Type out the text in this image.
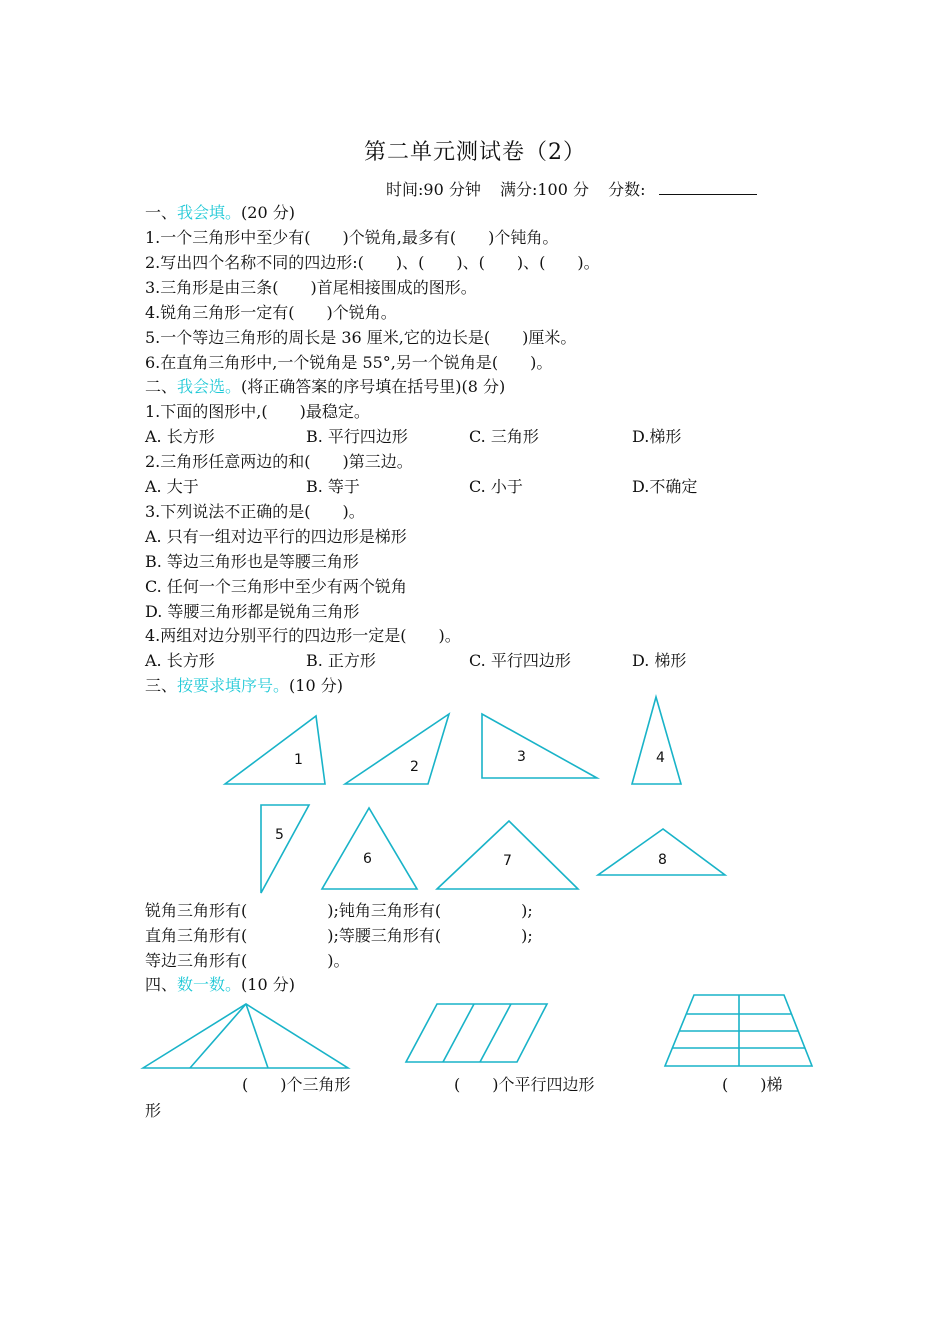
第二单元测试卷（2）
时间:90 分钟 满分:100 分 分数:
一、我会填。(20 分)
1.一个三角形中至少有(　　)个锐角,最多有(　　)个钝角。
2.写出四个名称不同的四边形:(　　)、(　　)、(　　)、(　　)。
3.三角形是由三条(　　)首尾相接围成的图形。
4.锐角三角形一定有(　　)个锐角。
5.一个等边三角形的周长是 36 厘米,它的边长是(　　)厘米。
6.在直角三角形中,一个锐角是 55°,另一个锐角是(　　)。
二、我会选。(将正确答案的序号填在括号里)(8 分)
1.下面的图形中,(　　)最稳定。
A. 长方形	B. 平行四边形	C. 三角形	D.梯形
2.三角形任意两边的和(　　)第三边。
A. 大于	B. 等于	C. 小于	D.不确定
3.下列说法不正确的是(　　)。
A. 只有一组对边平行的四边形是梯形
B. 等边三角形也是等腰三角形
C. 任何一个三角形中至少有两个锐角
D. 等腰三角形都是锐角三角形
4.两组对边分别平行的四边形一定是(　　)。
A. 长方形	B. 正方形	C. 平行四边形	D. 梯形
三、按要求填序号。(10 分)
1	2
3	4
5
6	7	8
锐角三角形有(　　　　　);钝角三角形有(　　　　　);
直角三角形有(　　　　　);等腰三角形有(　　　　　);
等边三角形有(　　　　　)。
四、数一数。(10 分)
(　　)个三角形	(　　)个平行四边形	(　　)梯
形
